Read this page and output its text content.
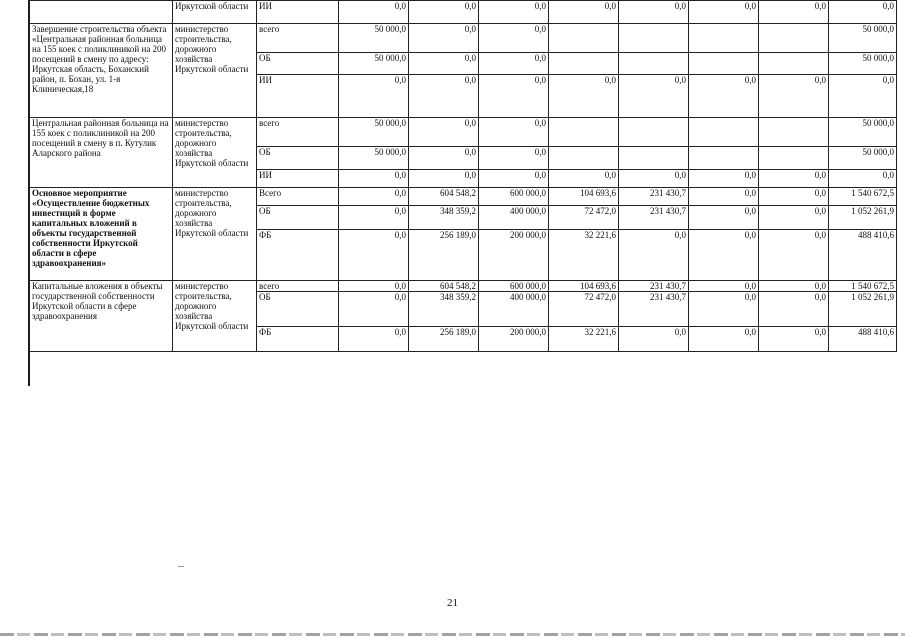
	Иркутской области	ИИ	0,0	0,0	0,0	0,0	0,0	0,0	0,0	0,0
Завершение строительства объекта «Центральная районная больница на 155 коек с поликлиникой на 200 посещений в смену по адресу: Иркутская область, Боханский район, п. Бохан, ул. 1-я Клиническая,18	министерство строительства, дорожного хозяйства Иркутской области	всего	50 000,0	0,0	0,0					50 000,0
		ОБ	50 000,0	0,0	0,0					50 000,0
		ИИ	0,0	0,0	0,0	0,0	0,0	0,0	0,0	0,0
Центральная районная больница на 155 коек с поликлиникой на 200 посещений в смену в п. Кутулик Аларского района	министерство строительства, дорожного хозяйства Иркутской области	всего	50 000,0	0,0	0,0					50 000,0
		ОБ	50 000,0	0,0	0,0					50 000,0
		ИИ	0,0	0,0	0,0	0,0	0,0	0,0	0,0	0,0
Основное мероприятие «Осуществление бюджетных инвестиций в форме капитальных вложений в объекты государственной собственности Иркутской области в сфере здравоохранения»	министерство строительства, дорожного хозяйства Иркутской области	Всего	0,0	604 548,2	600 000,0	104 693,6	231 430,7	0,0	0,0	1 540 672,5
		ОБ	0,0	348 359,2	400 000,0	72 472,0	231 430,7	0,0	0,0	1 052 261,9
		ФБ	0,0	256 189,0	200 000,0	32 221,6	0,0	0,0	0,0	488 410,6
Капитальные вложения в объекты государственной собственности Иркутской области в сфере здравоохранения	министерство строительства, дорожного хозяйства Иркутской области	всего	0,0	604 548,2	600 000,0	104 693,6	231 430,7	0,0	0,0	1 540 672,5
		ОБ	0,0	348 359,2	400 000,0	72 472,0	231 430,7	0,0	0,0	1 052 261,9
		ФБ	0,0	256 189,0	200 000,0	32 221,6	0,0	0,0	0,0	488 410,6
21
